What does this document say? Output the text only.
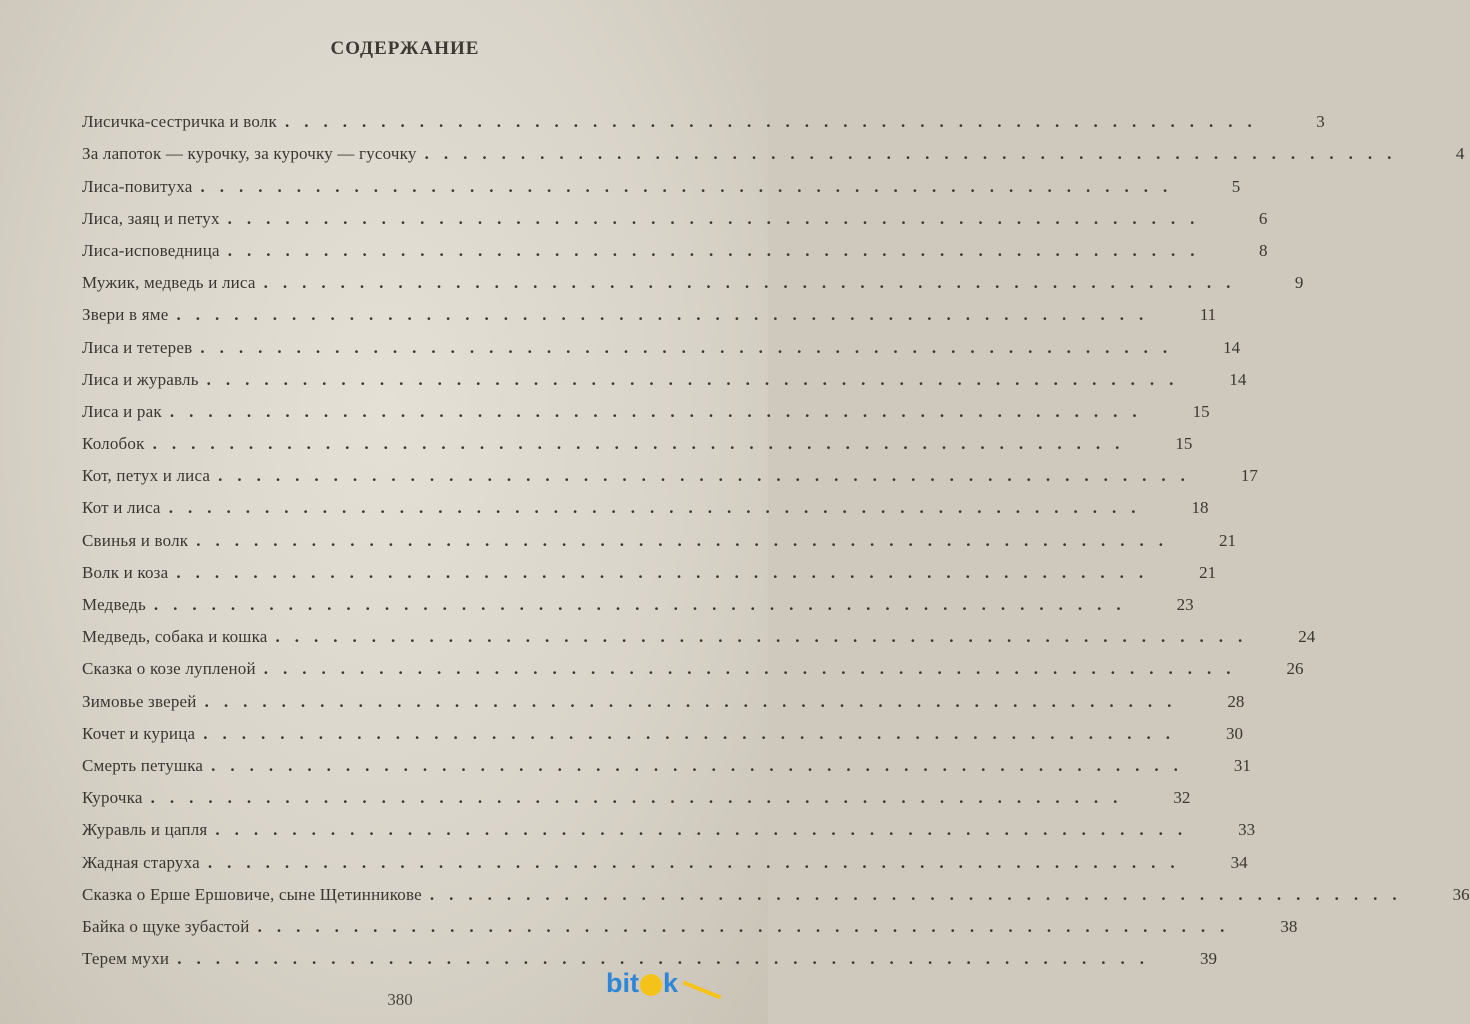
СОДЕРЖАНИЕ
Лисичка-сестричка и волк ...................................................	3
За лапоток — курочку, за курочку — гусочку ...................................................	4
Лиса-повитуха ...................................................	5
Лиса, заяц и петух ...................................................	6
Лиса-исповедница ...................................................	8
Мужик, медведь и лиса ...................................................	9
Звери в яме ...................................................	11
Лиса и тетерев ...................................................	14
Лиса и журавль ...................................................	14
Лиса и рак ...................................................	15
Колобок ...................................................	15
Кот, петух и лиса ...................................................	17
Кот и лиса ...................................................	18
Свинья и волк ...................................................	21
Волк и коза ...................................................	21
Медведь ...................................................	23
Медведь, собака и кошка ...................................................	24
Сказка о козе лупленой ...................................................	26
Зимовье зверей ...................................................	28
Кочет и курица ...................................................	30
Смерть петушка ...................................................	31
Курочка ...................................................	32
Журавль и цапля ...................................................	33
Жадная старуха ...................................................	34
Сказка о Ерше Ершовиче, сыне Щетинникове ...................................................	36
Байка о щуке зубастой ...................................................	38
Терем мухи ...................................................	39
380
bit k
